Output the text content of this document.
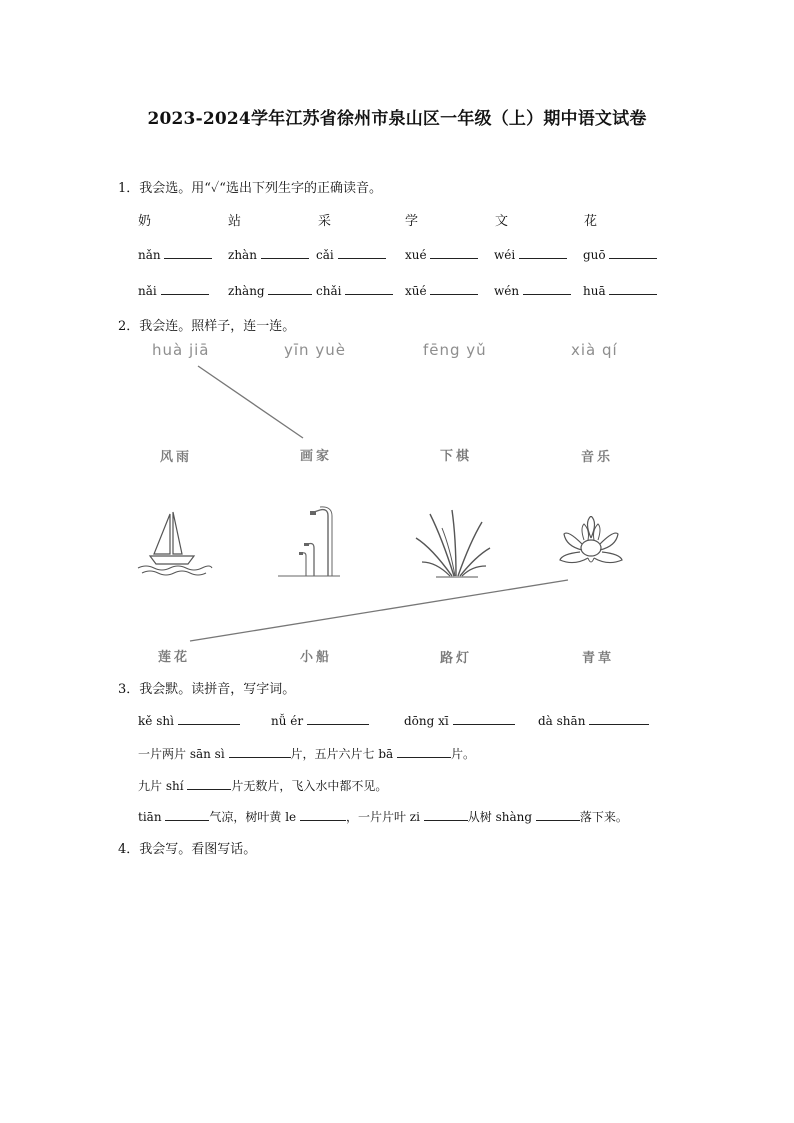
2023-2024学年江苏省徐州市泉山区一年级（上）期中语文试卷
1．我会选。用“✓“选出下列生字的正确读音。
奶	站	采	学	文	花
nǎn	zhàn	cǎi	xué	wéi	guō
nǎi	zhàng	chǎi	xūé	wén	huā
2．我会连。照样子，连一连。
huà jiā	yīn yuè	fēng yǔ	xià qí
风雨	画家	下棋	音乐
莲花	小船	路灯	青草
3．我会默。读拼音，写字词。
kě shì	nǚ ér	dōng xī	dà shān
一片两片 sān sì	片，五片六片七 bā	片。
九片 shí	片无数片，飞入水中都不见。
tiān	气凉，树叶黄 le	，一片片叶 zi	从树 shàng	落下来。
4．我会写。看图写话。
